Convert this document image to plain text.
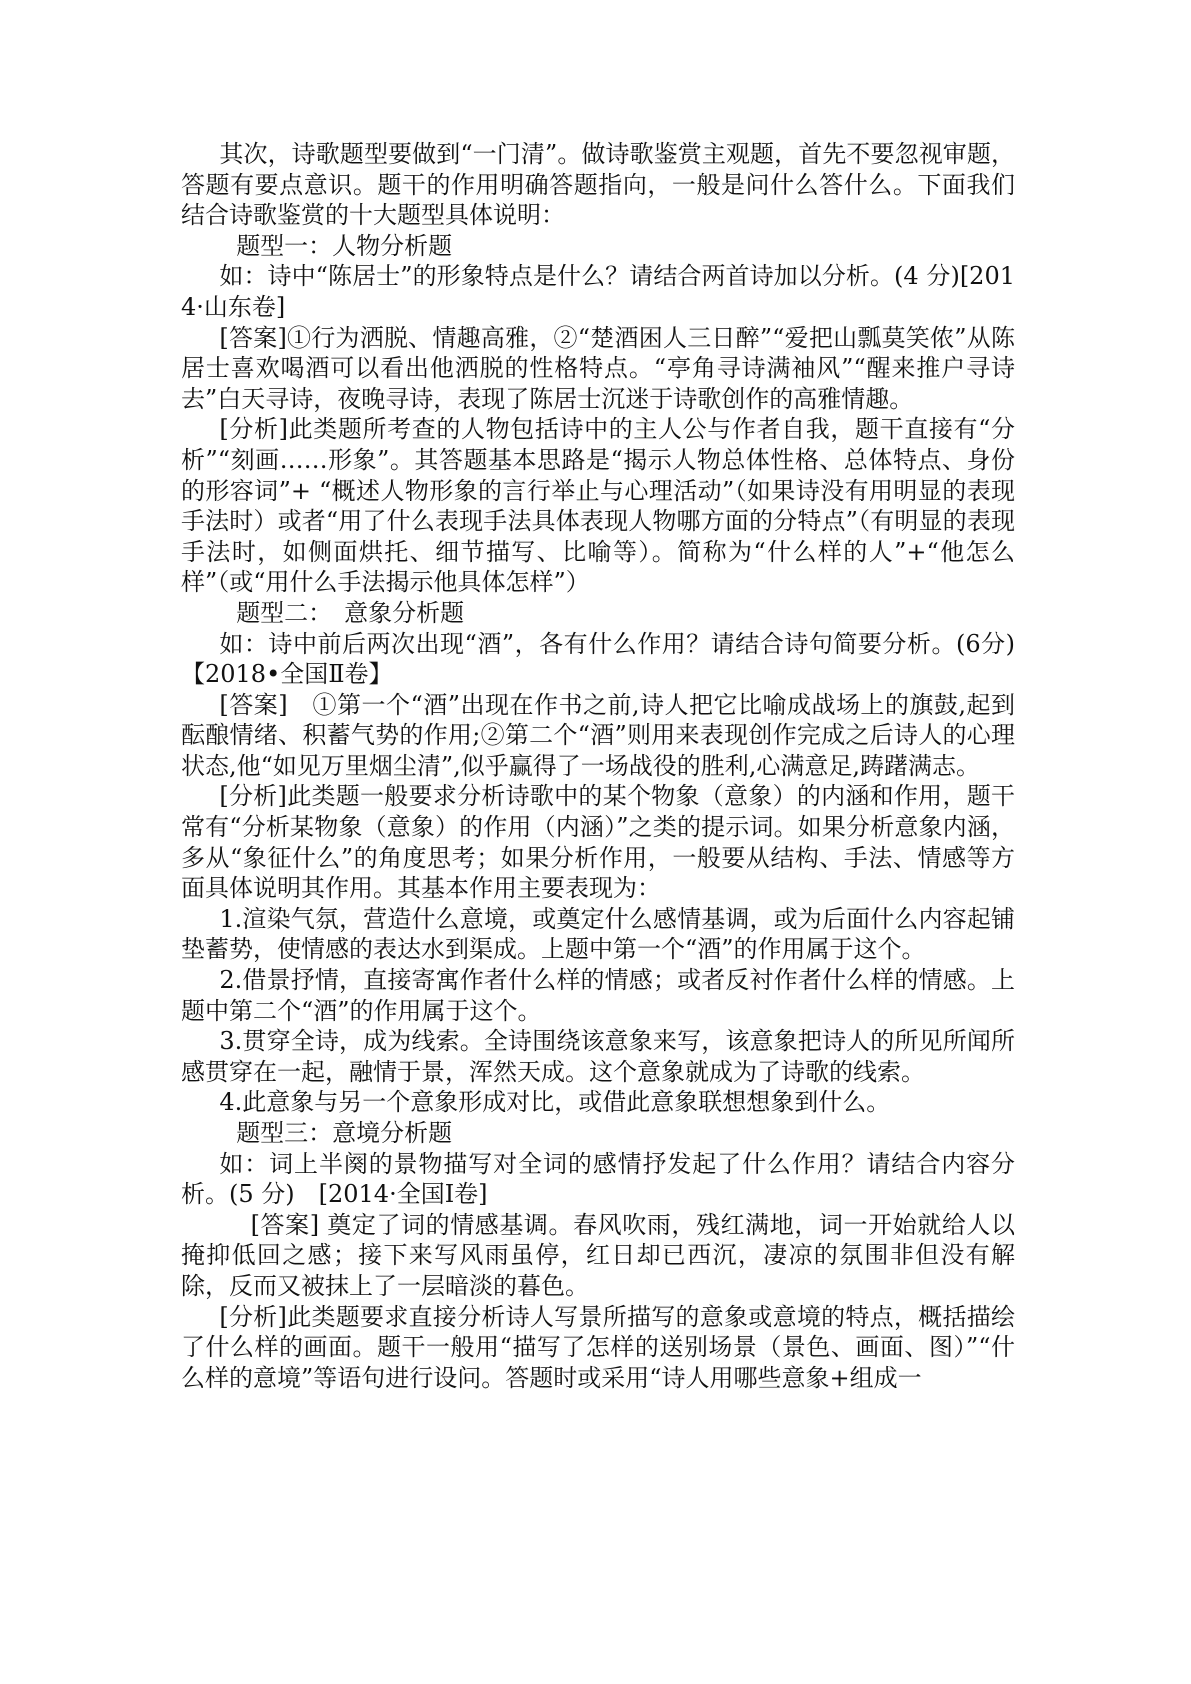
其次，诗歌题型要做到“一门清”。做诗歌鉴赏主观题，首先不要忽视审题，答题有要点意识。题干的作用明确答题指向，一般是问什么答什么。下面我们结合诗歌鉴赏的十大题型具体说明：

题型一：人物分析题

如：诗中“陈居士”的形象特点是什么？请结合两首诗加以分析。(4 分)[2014·山东卷]

[答案]①行为洒脱、情趣高雅，②“楚酒困人三日醉”“爱把山瓢莫笑侬”从陈居士喜欢喝酒可以看出他洒脱的性格特点。“亭角寻诗满袖风”“醒来推户寻诗去”白天寻诗，夜晚寻诗，表现了陈居士沉迷于诗歌创作的高雅情趣。

[分析]此类题所考查的人物包括诗中的主人公与作者自我，题干直接有“分析”“刻画……形象”。其答题基本思路是“揭示人物总体性格、总体特点、身份的形容词”+ “概述人物形象的言行举止与心理活动”（如果诗没有用明显的表现手法时）或者“用了什么表现手法具体表现人物哪方面的分特点”（有明显的表现手法时，如侧面烘托、细节描写、比喻等）。简称为“什么样的人”+“他怎么样”（或“用什么手法揭示他具体怎样”）

题型二：　意象分析题

如：诗中前后两次出现“酒”，各有什么作用？请结合诗句简要分析。(6分)【2018•全国Ⅱ卷】

[答案]　①第一个“酒”出现在作书之前,诗人把它比喻成战场上的旗鼓,起到酝酿情绪、积蓄气势的作用;②第二个“酒”则用来表现创作完成之后诗人的心理状态,他“如见万里烟尘清”,似乎赢得了一场战役的胜利,心满意足,踌躇满志。

[分析]此类题一般要求分析诗歌中的某个物象（意象）的内涵和作用，题干常有“分析某物象（意象）的作用（内涵）”之类的提示词。如果分析意象内涵，多从“象征什么”的角度思考；如果分析作用，一般要从结构、手法、情感等方面具体说明其作用。其基本作用主要表现为：

1.渲染气氛，营造什么意境，或奠定什么感情基调，或为后面什么内容起铺垫蓄势，使情感的表达水到渠成。上题中第一个“酒”的作用属于这个。

2.借景抒情，直接寄寓作者什么样的情感；或者反衬作者什么样的情感。上题中第二个“酒”的作用属于这个。

3.贯穿全诗，成为线索。全诗围绕该意象来写，该意象把诗人的所见所闻所感贯穿在一起，融情于景，浑然天成。这个意象就成为了诗歌的线索。

4.此意象与另一个意象形成对比，或借此意象联想想象到什么。

题型三：意境分析题

如：词上半阕的景物描写对全词的感情抒发起了什么作用？请结合内容分析。(5 分)　[2014·全国Ⅰ卷]

[答案] 奠定了词的情感基调。春风吹雨，残红满地，词一开始就给人以掩抑低回之感；接下来写风雨虽停，红日却已西沉，凄凉的氛围非但没有解除，反而又被抹上了一层暗淡的暮色。

[分析]此类题要求直接分析诗人写景所描写的意象或意境的特点，概括描绘了什么样的画面。题干一般用“描写了怎样的送别场景（景色、画面、图）”“什么样的意境”等语句进行设问。答题时或采用“诗人用哪些意象+组成一
